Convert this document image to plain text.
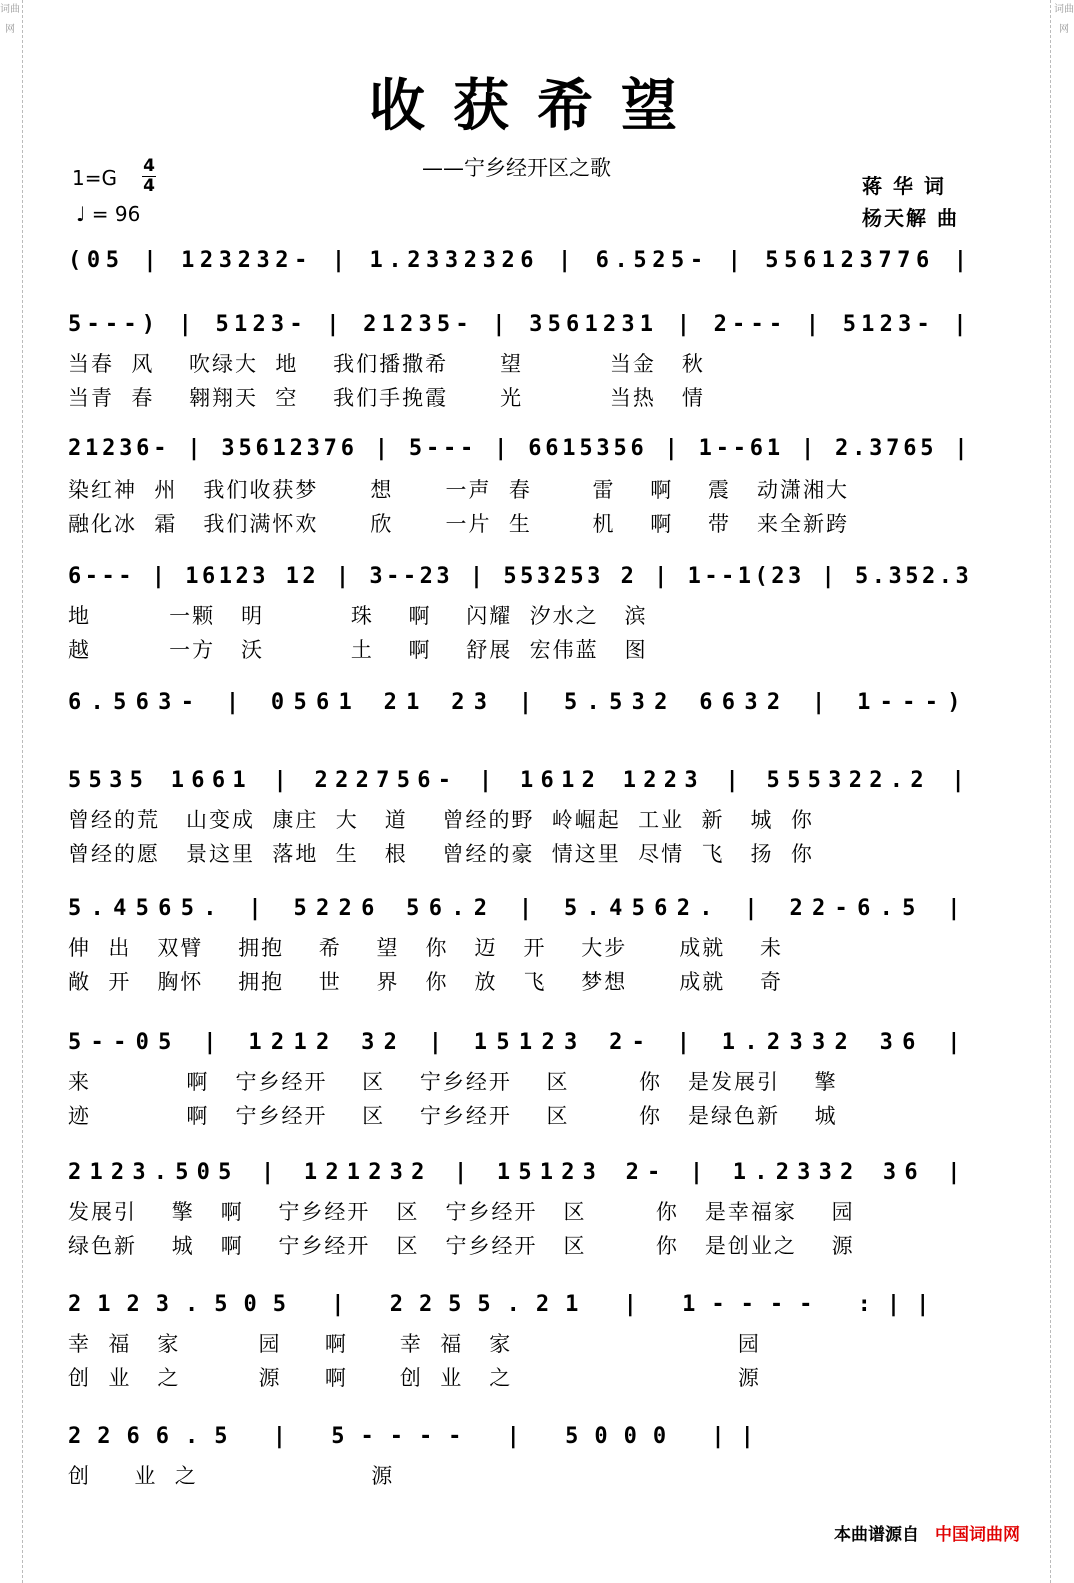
词曲网
词曲网
收获希望
——宁乡经开区之歌
1=G 4
4
♩ = 96
蒋 华 词
杨天解 曲
(05 | 123232- | 1.2332326 | 6.525- | 556123776 |
5---) | 5123- | 21235- | 3561231 | 2--- | 5123- |
当春  风    吹绿大  地    我们播撒希      望          当金   秋
当青  春    翱翔天  空    我们手挽霞      光          当热   情
21236- | 35612376 | 5--- | 6615356 | 1--61 | 2.3765 |
染红神  州   我们收获梦      想      一声  春       雷    啊    震   动潇湘大
融化冰  霜   我们满怀欢      欣      一片  生       机    啊    带   来全新跨
6--- | 16123 12 | 3--23 | 553253 2 | 1--1(23 | 5.352.3
地         一颗   明          珠    啊    闪耀  汐水之   滨
越         一方   沃          土    啊    舒展  宏伟蓝   图
6.563- | 0561 21 23 | 5.532 6632 | 1---)
5535 1661 | 222756- | 1612 1223 | 555322.2 |
曾经的荒   山变成  康庄  大   道    曾经的野  岭崛起  工业  新   城  你
曾经的愿   景这里  落地  生   根    曾经的豪  情这里  尽情  飞   扬  你
5.4565. | 5226 56.2 | 5.4562. | 22-6.5 |
伸  出   双臂    拥抱    希    望   你   迈   开    大步      成就    未
敞  开   胸怀    拥抱    世    界   你   放   飞    梦想      成就    奇
5--05 | 1212 32 | 15123 2- | 1.2332 36 |
来           啊   宁乡经开    区    宁乡经开    区        你   是发展引    擎
迹           啊   宁乡经开    区    宁乡经开    区        你   是绿色新    城
2123.505 | 121232 | 15123 2- | 1.2332 36 |
发展引    擎   啊    宁乡经开   区   宁乡经开   区        你   是幸福家    园
绿色新    城   啊    宁乡经开   区   宁乡经开   区        你   是创业之    源
2123.505 | 2255.21 | 1---- :||
幸  福   家         园     啊      幸  福   家                          园
创  业   之         源     啊      创  业   之                          源
2266.5 | 5---- | 5000 ||
创     业  之                    源
本曲谱源自 中国词曲网
